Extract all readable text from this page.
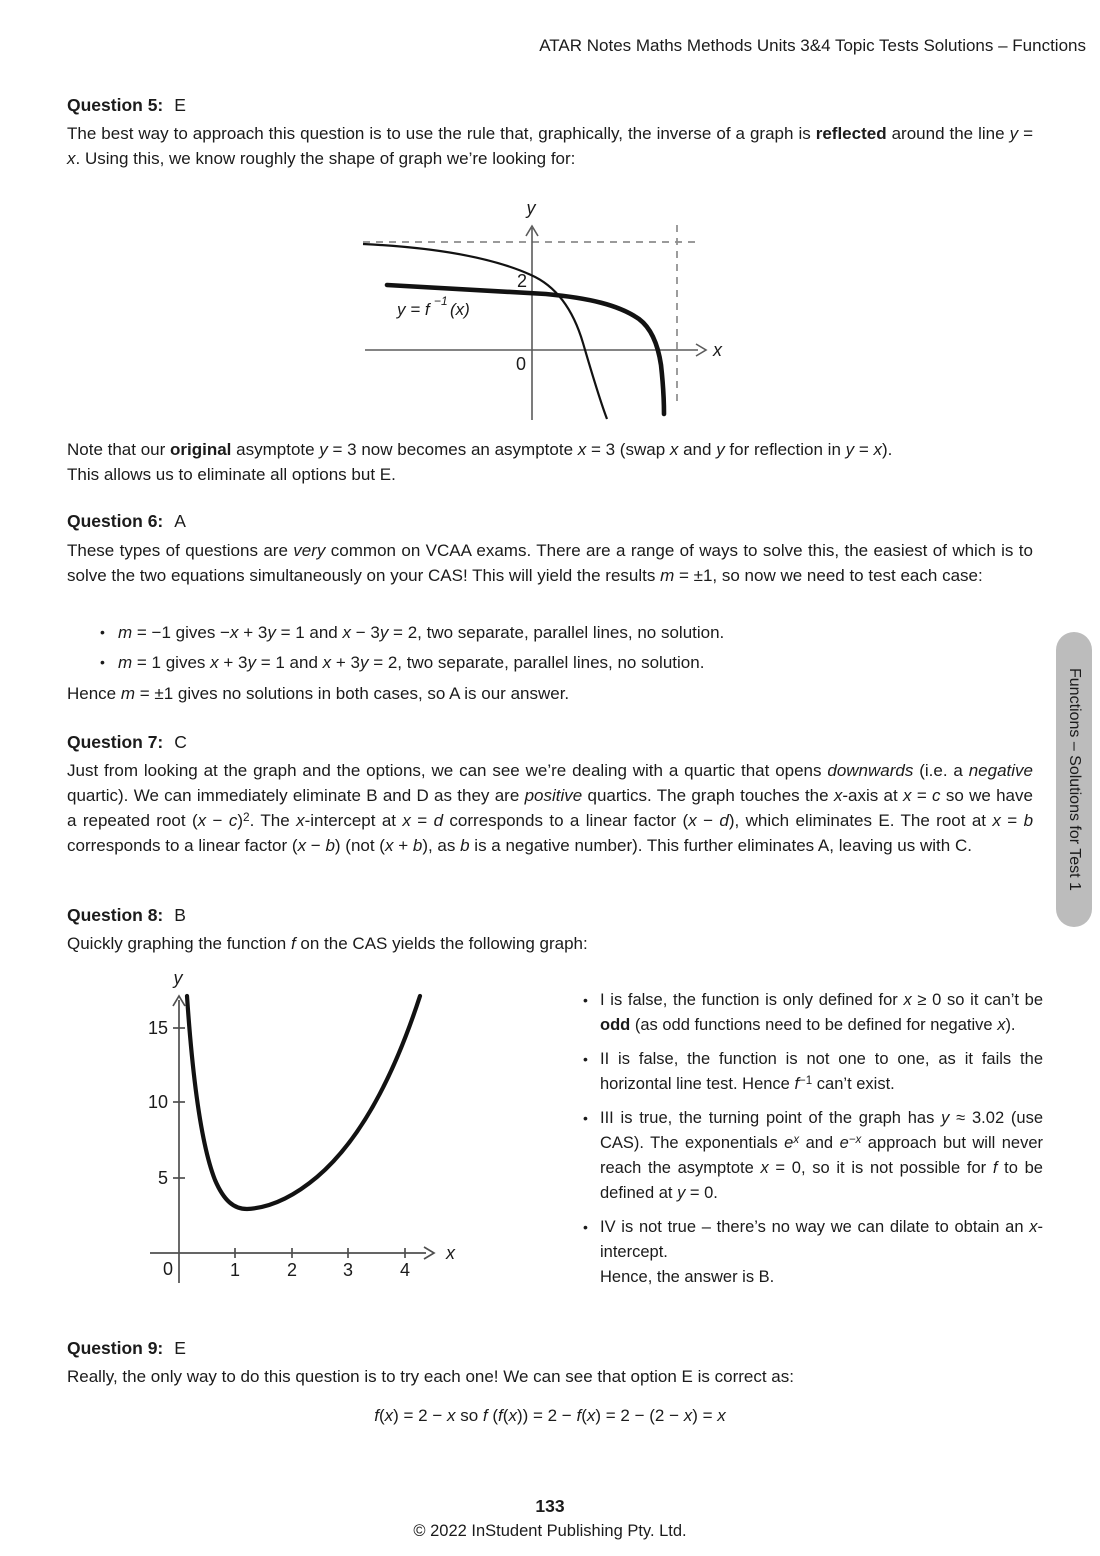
ATAR Notes Maths Methods Units 3&4 Topic Tests Solutions – Functions
Question 5: E
The best way to approach this question is to use the rule that, graphically, the inverse of a graph is reflected around the line y = x. Using this, we know roughly the shape of graph we’re looking for:
y
x
2
0
y = f −1 (x)
Note that our original asymptote y = 3 now becomes an asymptote x = 3 (swap x and y for reflection in y = x).
This allows us to eliminate all options but E.
Question 6: A
These types of questions are very common on VCAA exams. There are a range of ways to solve this, the easiest of which is to solve the two equations simultaneously on your CAS! This will yield the results m = ±1, so now we need to test each case:
• m = −1 gives −x + 3y = 1 and x − 3y = 2, two separate, parallel lines, no solution.
• m = 1 gives x + 3y = 1 and x + 3y = 2, two separate, parallel lines, no solution.
Hence m = ±1 gives no solutions in both cases, so A is our answer.
Question 7: C
Just from looking at the graph and the options, we can see we’re dealing with a quartic that opens downwards (i.e. a negative quartic). We can immediately eliminate B and D as they are positive quartics. The graph touches the x-axis at x = c so we have a repeated root $(x - c)^2$. The x-intercept at x = d corresponds to a linear factor (x − d), which eliminates E. The root at x = b corresponds to a linear factor (x − b) (not (x + b), as b is a negative number). This further eliminates A, leaving us with C.
Question 8: B
Quickly graphing the function f on the CAS yields the following graph:
y
x
15
10
5
0	1	2	3	4
• I is false, the function is only defined for x ≥ 0 so it can’t be odd (as odd functions need to be defined for negative x).
• II is false, the function is not one to one, as it fails the horizontal line test. Hence $f^{-1}$ can’t exist.
• III is true, the turning point of the graph has y ≈ 3.02 (use CAS). The exponentials $e^x$ and $e^{-x}$ approach but will never reach the asymptote x = 0, so it is not possible for f to be defined at y = 0.
• IV is not true – there’s no way we can dilate to obtain an x-intercept.
Hence, the answer is B.
Question 9: E
Really, the only way to do this question is to try each one! We can see that option E is correct as:
f(x) = 2 − x so f (f(x)) = 2 − f(x) = 2 − (2 − x) = x
133
© 2022 InStudent Publishing Pty. Ltd.
Functions – Solutions for Test 1
